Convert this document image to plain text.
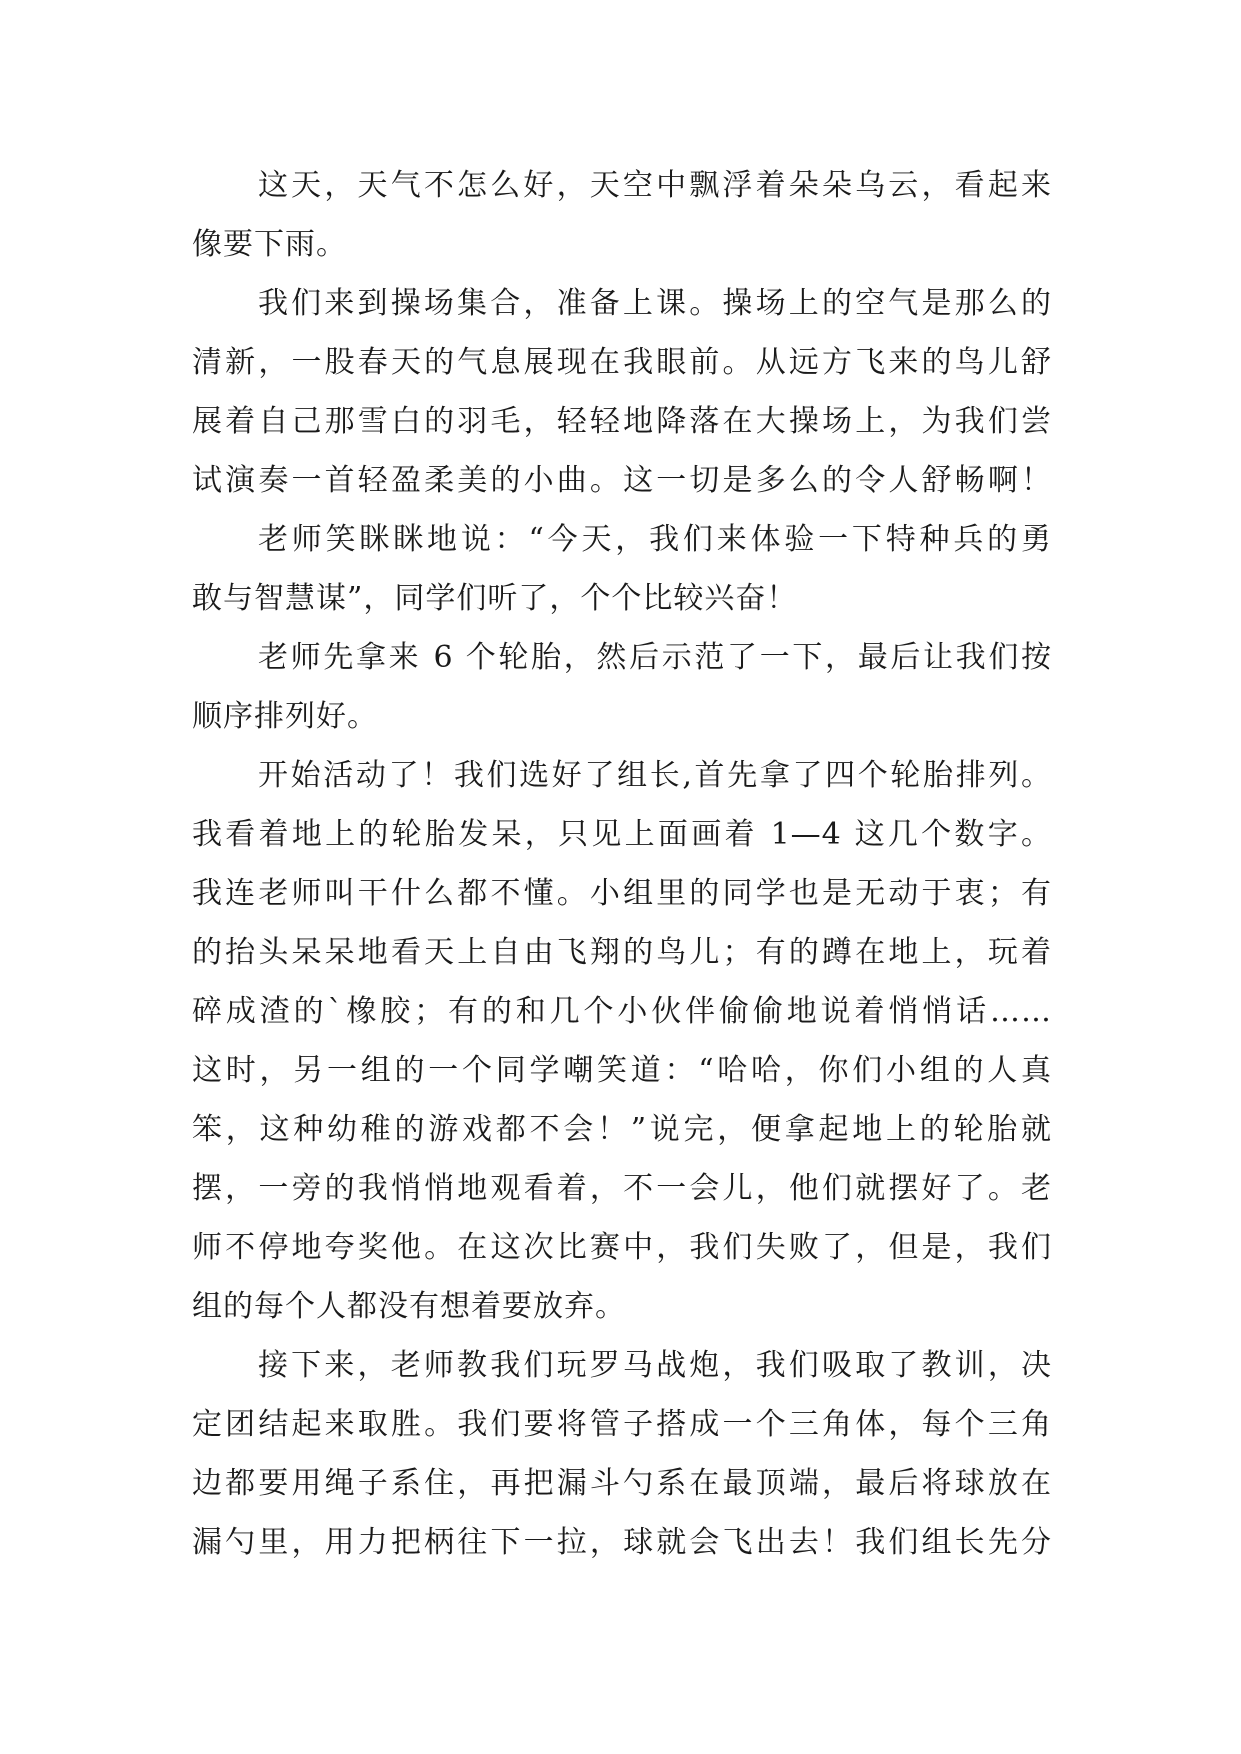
这天，天气不怎么好，天空中飘浮着朵朵乌云，看起来
像要下雨。
我们来到操场集合，准备上课。操场上的空气是那么的
清新，一股春天的气息展现在我眼前。从远方飞来的鸟儿舒
展着自己那雪白的羽毛，轻轻地降落在大操场上，为我们尝
试演奏一首轻盈柔美的小曲。这一切是多么的令人舒畅啊！
老师笑眯眯地说：“今天，我们来体验一下特种兵的勇
敢与智慧谋”，同学们听了，个个比较兴奋！
老师先拿来 6 个轮胎，然后示范了一下，最后让我们按
顺序排列好。
开始活动了！我们选好了组长,首先拿了四个轮胎排列。
我看着地上的轮胎发呆，只见上面画着 1—4 这几个数字。
我连老师叫干什么都不懂。小组里的同学也是无动于衷；有
的抬头呆呆地看天上自由飞翔的鸟儿；有的蹲在地上，玩着
碎成渣的`橡胶；有的和几个小伙伴偷偷地说着悄悄话……
这时，另一组的一个同学嘲笑道：“哈哈，你们小组的人真
笨，这种幼稚的游戏都不会！”说完，便拿起地上的轮胎就
摆，一旁的我悄悄地观看着，不一会儿，他们就摆好了。老
师不停地夸奖他。在这次比赛中，我们失败了，但是，我们
组的每个人都没有想着要放弃。
接下来，老师教我们玩罗马战炮，我们吸取了教训，决
定团结起来取胜。我们要将管子搭成一个三角体，每个三角
边都要用绳子系住，再把漏斗勺系在最顶端，最后将球放在
漏勺里，用力把柄往下一拉，球就会飞出去！我们组长先分
